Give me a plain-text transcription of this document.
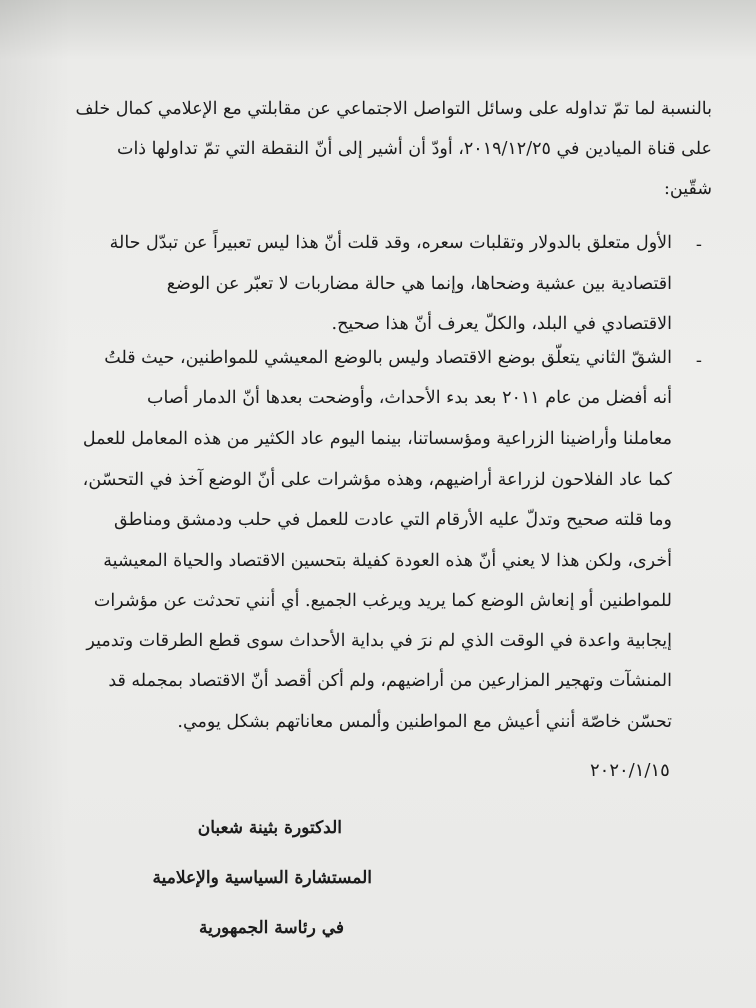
بالنسبة لما تمّ تداوله على وسائل التواصل الاجتماعي عن مقابلتي مع الإعلامي كمال خلف
على قناة الميادين في ٢٠١٩/١٢/٢٥، أودّ أن أشير إلى أنّ النقطة التي تمّ تداولها ذات
شقّين:
-
الأول متعلق بالدولار وتقلبات سعره، وقد قلت أنّ هذا ليس تعبيراً عن تبدّل حالة
اقتصادية بين عشية وضحاها، وإنما هي حالة مضاربات لا تعبّر عن الوضع
الاقتصادي في البلد، والكلّ يعرف أنّ هذا صحيح.
-
الشقّ الثاني يتعلّق بوضع الاقتصاد وليس بالوضع المعيشي للمواطنين، حيث قلتُ
أنه أفضل من عام ٢٠١١ بعد بدء الأحداث، وأوضحت بعدها أنّ الدمار أصاب
معاملنا وأراضينا الزراعية ومؤسساتنا، بينما اليوم عاد الكثير من هذه المعامل للعمل
كما عاد الفلاحون لزراعة أراضيهم، وهذه مؤشرات على أنّ الوضع آخذ في التحسّن،
وما قلته صحيح وتدلّ عليه الأرقام التي عادت للعمل في حلب ودمشق ومناطق
أخرى، ولكن هذا لا يعني أنّ هذه العودة كفيلة بتحسين الاقتصاد والحياة المعيشية
للمواطنين أو إنعاش الوضع كما يريد ويرغب الجميع. أي أنني تحدثت عن مؤشرات
إيجابية واعدة في الوقت الذي لم نرَ في بداية الأحداث سوى قطع الطرقات وتدمير
المنشآت وتهجير المزارعين من أراضيهم، ولم أكن أقصد أنّ الاقتصاد بمجمله قد
تحسّن خاصّة أنني أعيش مع المواطنين وألمس معاناتهم بشكل يومي.
٢٠٢٠/١/١٥
الدكتورة بثينة شعبان
المستشارة السياسية والإعلامية
في رئاسة الجمهورية
